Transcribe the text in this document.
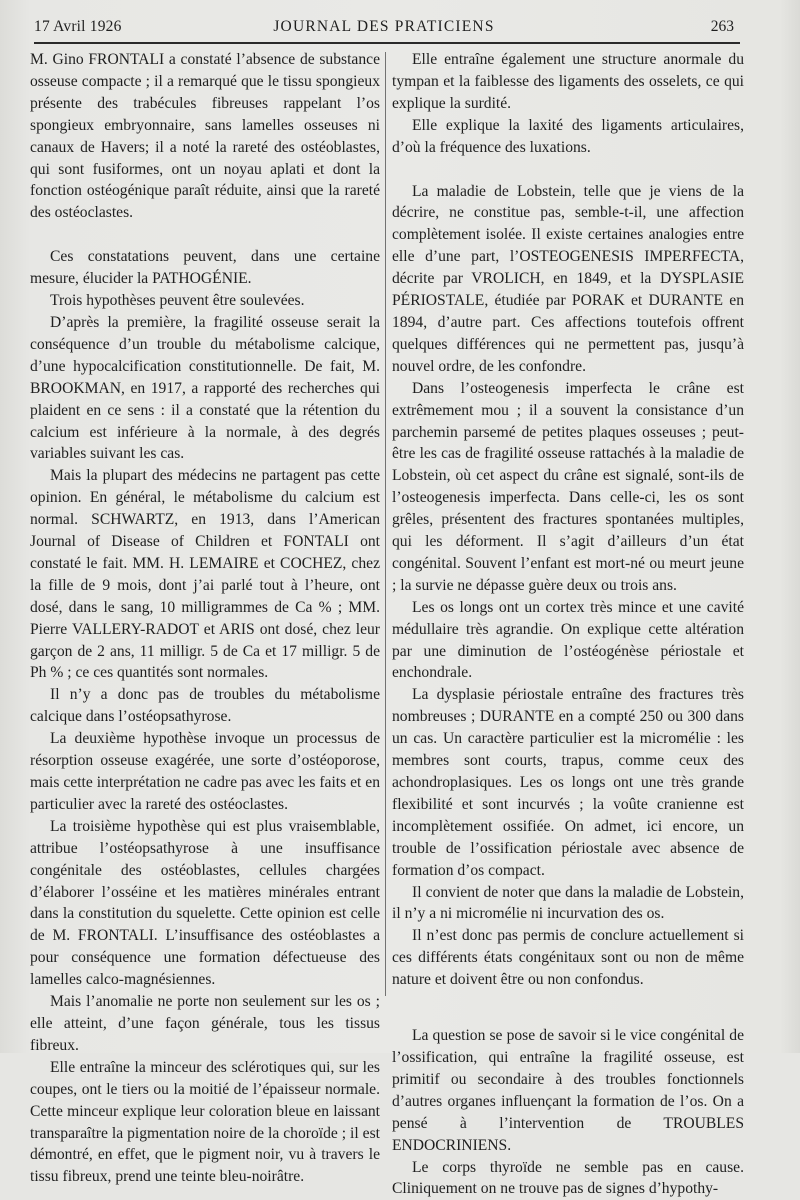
17 Avril 1926	JOURNAL DES PRATICIENS	263

M. Gino FRONTALI a constaté l’absence de substance osseuse compacte ; il a remarqué que le tissu spongieux présente des trabécules fibreuses rappelant l’os spongieux embryonnaire, sans lamelles osseuses ni canaux de Havers; il a noté la rareté des ostéoblastes, qui sont fusiformes, ont un noyau aplati et dont la fonction ostéogénique paraît réduite, ainsi que la rareté des ostéoclastes.

Ces constatations peuvent, dans une certaine mesure, élucider la PATHOGÉNIE.

Trois hypothèses peuvent être soulevées.

D’après la première, la fragilité osseuse serait la conséquence d’un trouble du métabolisme calcique, d’une hypocalcification constitutionnelle. De fait, M. BROOKMAN, en 1917, a rapporté des recherches qui plaident en ce sens : il a constaté que la rétention du calcium est inférieure à la normale, à des degrés variables suivant les cas.

Mais la plupart des médecins ne partagent pas cette opinion. En général, le métabolisme du calcium est normal. SCHWARTZ, en 1913, dans l’American Journal of Disease of Children et FONTALI ont constaté le fait. MM. H. LEMAIRE et COCHEZ, chez la fille de 9 mois, dont j’ai parlé tout à l’heure, ont dosé, dans le sang, 10 milligrammes de Ca % ; MM. Pierre VALLERY-RADOT et ARIS ont dosé, chez leur garçon de 2 ans, 11 milligr. 5 de Ca et 17 milligr. 5 de Ph % ; ce ces quantités sont normales.

Il n’y a donc pas de troubles du métabolisme calcique dans l’ostéopsathyrose.

La deuxième hypothèse invoque un processus de résorption osseuse exagérée, une sorte d’ostéoporose, mais cette interprétation ne cadre pas avec les faits et en particulier avec la rareté des ostéoclastes.

La troisième hypothèse qui est plus vraisemblable, attribue l’ostéopsathyrose à une insuffisance congénitale des ostéoblastes, cellules chargées d’élaborer l’osséine et les matières minérales entrant dans la constitution du squelette. Cette opinion est celle de M. FRONTALI. L’insuffisance des ostéoblastes a pour conséquence une formation défectueuse des lamelles calco-magnésiennes.

Mais l’anomalie ne porte non seulement sur les os ; elle atteint, d’une façon générale, tous les tissus fibreux.

Elle entraîne la minceur des sclérotiques qui, sur les coupes, ont le tiers ou la moitié de l’épaisseur normale. Cette minceur explique leur coloration bleue en laissant transparaître la pigmentation noire de la choroïde ; il est démontré, en effet, que le pigment noir, vu à travers le tissu fibreux, prend une teinte bleu-noirâtre.

Elle entraîne également une structure anormale du tympan et la faiblesse des ligaments des osselets, ce qui explique la surdité.

Elle explique la laxité des ligaments articulaires, d’où la fréquence des luxations.

La maladie de Lobstein, telle que je viens de la décrire, ne constitue pas, semble-t-il, une affection complètement isolée. Il existe certaines analogies entre elle d’une part, l’OSTEOGENESIS IMPERFECTA, décrite par VROLICH, en 1849, et la DYSPLASIE PÉRIOSTALE, étudiée par PORAK et DURANTE en 1894, d’autre part. Ces affections toutefois offrent quelques différences qui ne permettent pas, jusqu’à nouvel ordre, de les confondre.

Dans l’osteogenesis imperfecta le crâne est extrêmement mou ; il a souvent la consistance d’un parchemin parsemé de petites plaques osseuses ; peut-être les cas de fragilité osseuse rattachés à la maladie de Lobstein, où cet aspect du crâne est signalé, sont-ils de l’osteogenesis imperfecta. Dans celle-ci, les os sont grêles, présentent des fractures spontanées multiples, qui les déforment. Il s’agit d’ailleurs d’un état congénital. Souvent l’enfant est mort-né ou meurt jeune ; la survie ne dépasse guère deux ou trois ans.

Les os longs ont un cortex très mince et une cavité médullaire très agrandie. On explique cette altération par une diminution de l’ostéogénèse périostale et enchondrale.

La dysplasie périostale entraîne des fractures très nombreuses ; DURANTE en a compté 250 ou 300 dans un cas. Un caractère particulier est la micromélie : les membres sont courts, trapus, comme ceux des achondroplasiques. Les os longs ont une très grande flexibilité et sont incurvés ; la voûte cranienne est incomplètement ossifiée. On admet, ici encore, un trouble de l’ossification périostale avec absence de formation d’os compact.

Il convient de noter que dans la maladie de Lobstein, il n’y a ni micromélie ni incurvation des os.

Il n’est donc pas permis de conclure actuellement si ces différents états congénitaux sont ou non de même nature et doivent être ou non confondus.

La question se pose de savoir si le vice congénital de l’ossification, qui entraîne la fragilité osseuse, est primitif ou secondaire à des troubles fonctionnels d’autres organes influençant la formation de l’os. On a pensé à l’intervention de TROUBLES ENDOCRINIENS.

Le corps thyroïde ne semble pas en cause. Cliniquement on ne trouve pas de signes d’hypothy-
